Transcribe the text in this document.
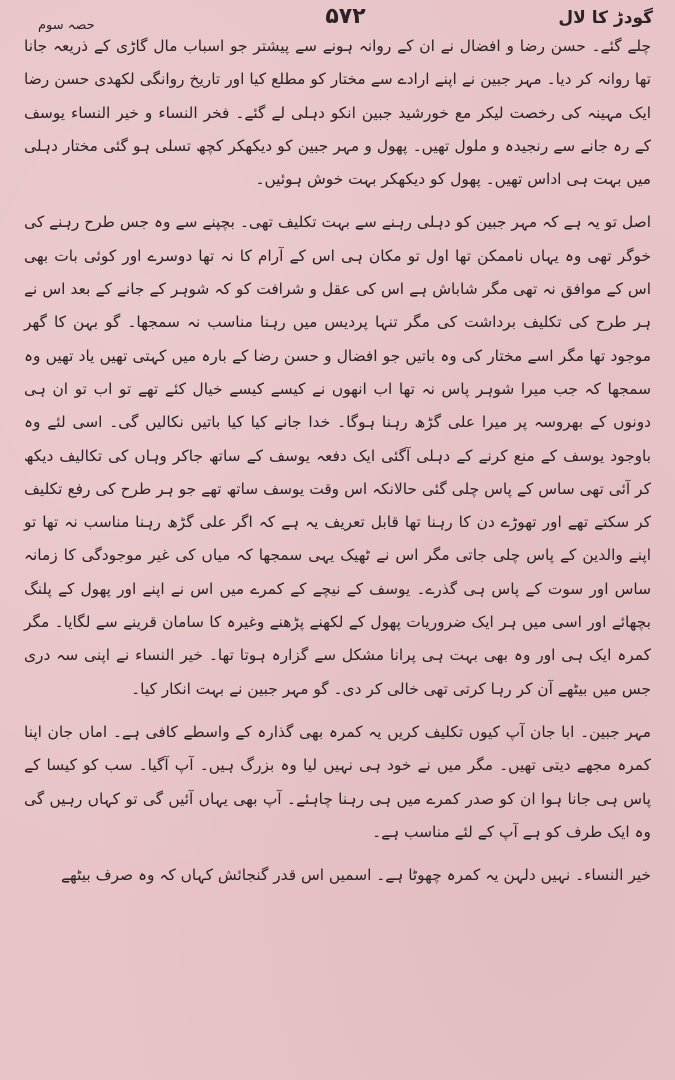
گودڑ کا لال
۵۷۲
حصہ سوم

چلے گئے۔ حسن رضا و افضال نے ان کے روانہ ہونے سے پیشتر جو اسباب مال گاڑی کے ذریعہ جانا تھا روانہ کر دیا۔ مہر جبین نے اپنے ارادے سے مختار کو مطلع کیا اور تاریخ روانگی لکھدی حسن رضا ایک مہینہ کی رخصت لیکر مع خورشید جبین انکو دہلی لے گئے۔ فخر النساء و خیر النساء یوسف کے رہ جانے سے رنجیدہ و ملول تھیں۔ پھول و مہر جبین کو دیکھکر کچھ تسلی ہو گئی مختار دہلی میں بہت ہی اداس تھیں۔ پھول کو دیکھکر بہت خوش ہوئیں۔

اصل تو یہ ہے کہ مہر جبین کو دہلی رہنے سے بہت تکلیف تھی۔ بچپنے سے وہ جس طرح رہنے کی خوگر تھی وہ یہاں ناممکن تھا اول تو مکان ہی اس کے آرام کا نہ تھا دوسرے اور کوئی بات بھی اس کے موافق نہ تھی مگر شاباش ہے اس کی عقل و شرافت کو کہ شوہر کے جانے کے بعد اس نے ہر طرح کی تکلیف برداشت کی مگر تنہا پردیس میں رہنا مناسب نہ سمجھا۔ گو بہن کا گھر موجود تھا مگر اسے مختار کی وہ باتیں جو افضال و حسن رضا کے بارہ میں کہتی تھیں یاد تھیں وہ سمجھا کہ جب میرا شوہر پاس نہ تھا اب انھوں نے کیسے کیسے خیال کئے تھے تو اب تو ان ہی دونوں کے بھروسہ پر میرا علی گڑھ رہنا ہوگا۔ خدا جانے کیا کیا باتیں نکالیں گی۔ اسی لئے وہ باوجود یوسف کے منع کرنے کے دہلی آگئی ایک دفعہ یوسف کے ساتھ جاکر وہاں کی تکالیف دیکھ کر آئی تھی ساس کے پاس چلی گئی حالانکہ اس وقت یوسف ساتھ تھے جو ہر طرح کی رفع تکلیف کر سکتے تھے اور تھوڑے دن کا رہنا تھا قابل تعریف یہ ہے کہ اگر علی گڑھ رہنا مناسب نہ تھا تو اپنے والدین کے پاس چلی جاتی مگر اس نے ٹھیک یہی سمجھا کہ میاں کی غیر موجودگی کا زمانہ ساس اور سوت کے پاس ہی گذرے۔ یوسف کے نیچے کے کمرے میں اس نے اپنے اور پھول کے پلنگ بچھائے اور اسی میں ہر ایک ضروریات پھول کے لکھنے پڑھنے وغیرہ کا سامان قرینے سے لگایا۔ مگر کمرہ ایک ہی اور وہ بھی بہت ہی پرانا مشکل سے گزارہ ہوتا تھا۔ خیر النساء نے اپنی سہ دری جس میں بیٹھے آن کر رہا کرتی تھی خالی کر دی۔ گو مہر جبین نے بہت انکار کیا۔

مہر جبین۔ ابا جان آپ کیوں تکلیف کریں یہ کمرہ بھی گذارہ کے واسطے کافی ہے۔ اماں جان اپنا کمرہ مجھے دیتی تھیں۔ مگر میں نے خود ہی نہیں لیا وہ بزرگ ہیں۔ آپ آگیا۔ سب کو کیسا کے پاس ہی جانا ہوا ان کو صدر کمرے میں ہی رہنا چاہئے۔ آپ بھی یہاں آئیں گی تو کہاں رہیں گی وہ ایک طرف کو ہے آپ کے لئے مناسب ہے۔

خیر النساء۔ نہیں دلہن یہ کمرہ چھوٹا ہے۔ اسمیں اس قدر گنجائش کہاں کہ وہ صرف بیٹھے
